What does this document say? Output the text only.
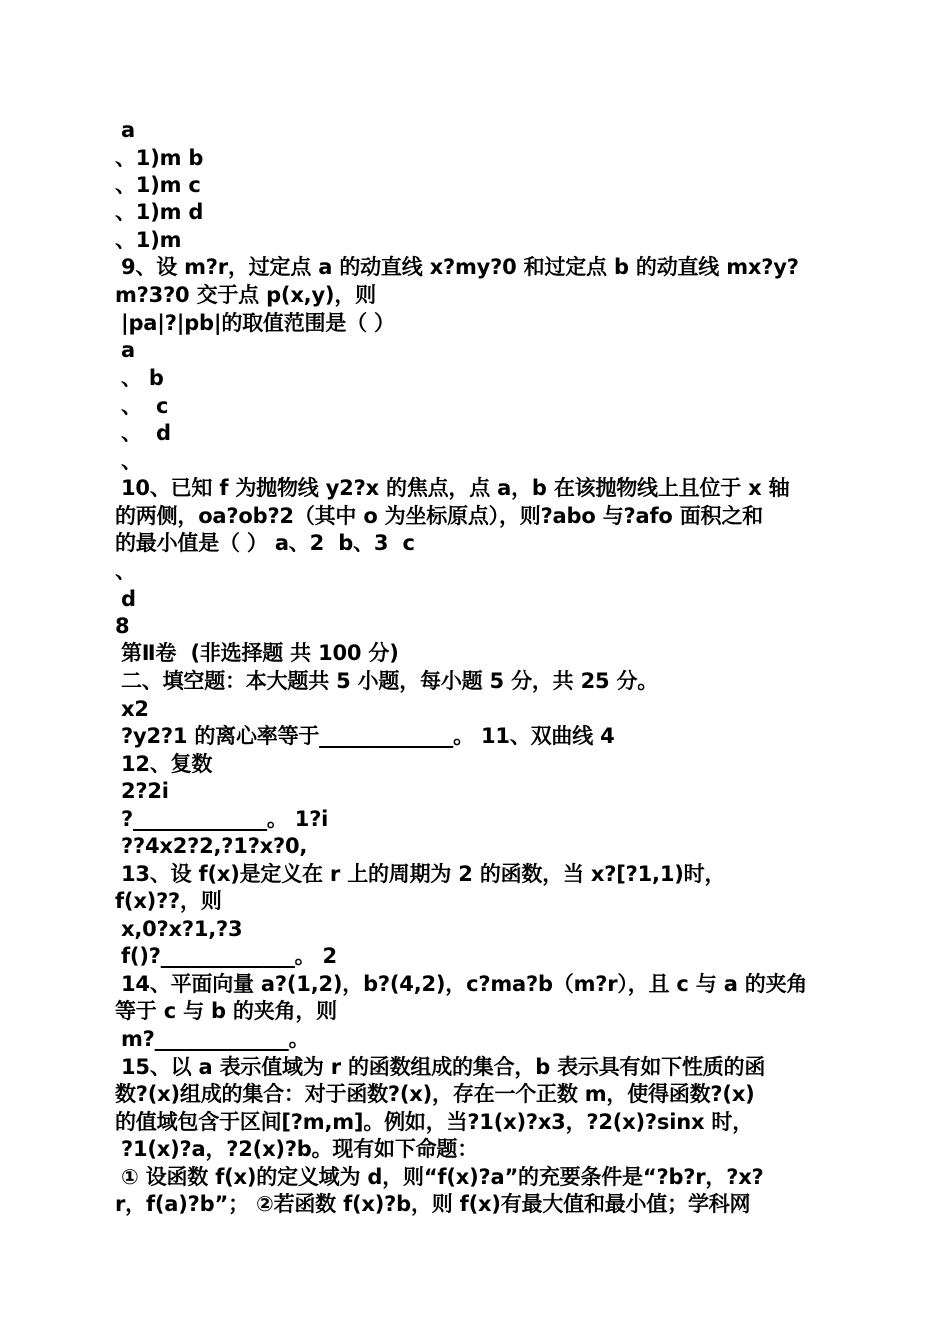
a
、1)m b
、1)m c
、1)m d
、1)m
9、设 m?r，过定点 a 的动直线 x?my?0 和过定点 b 的动直线 mx?y?
m?3?0 交于点 p(x,y)，则
|pa|?|pb|的取值范围是（ ）
a
、 b
、  c
、  d
、
10、已知 f 为抛物线 y2?x 的焦点，点 a，b 在该抛物线上且位于 x 轴
的两侧，oa?ob?2（其中 o 为坐标原点），则?abo 与?afo 面积之和
的最小值是（ ） a、2  b、3  c
、
d
8
第Ⅱ卷  (非选择题 共 100 分)
二、填空题：本大题共 5 小题，每小题 5 分，共 25 分。
x2
?y2?1 的离心率等于_____________。 11、双曲线 4
12、复数
2?2i
?_____________。 1?i
??4x2?2,?1?x?0,
13、设 f(x)是定义在 r 上的周期为 2 的函数，当 x?[?1,1)时，
f(x)??，则
x,0?x?1,?3
f()?_____________。 2
14、平面向量 a?(1,2)，b?(4,2)，c?ma?b（m?r），且 c 与 a 的夹角
等于 c 与 b 的夹角，则
m?_____________。
15、以 a 表示值域为 r 的函数组成的集合，b 表示具有如下性质的函
数?(x)组成的集合：对于函数?(x)，存在一个正数 m，使得函数?(x)
的值域包含于区间[?m,m]。例如，当?1(x)?x3，?2(x)?sinx 时，
?1(x)?a，?2(x)?b。现有如下命题：
① 设函数 f(x)的定义域为 d，则“f(x)?a”的充要条件是“?b?r，?x?
r，f(a)?b”； ②若函数 f(x)?b，则 f(x)有最大值和最小值；学科网
